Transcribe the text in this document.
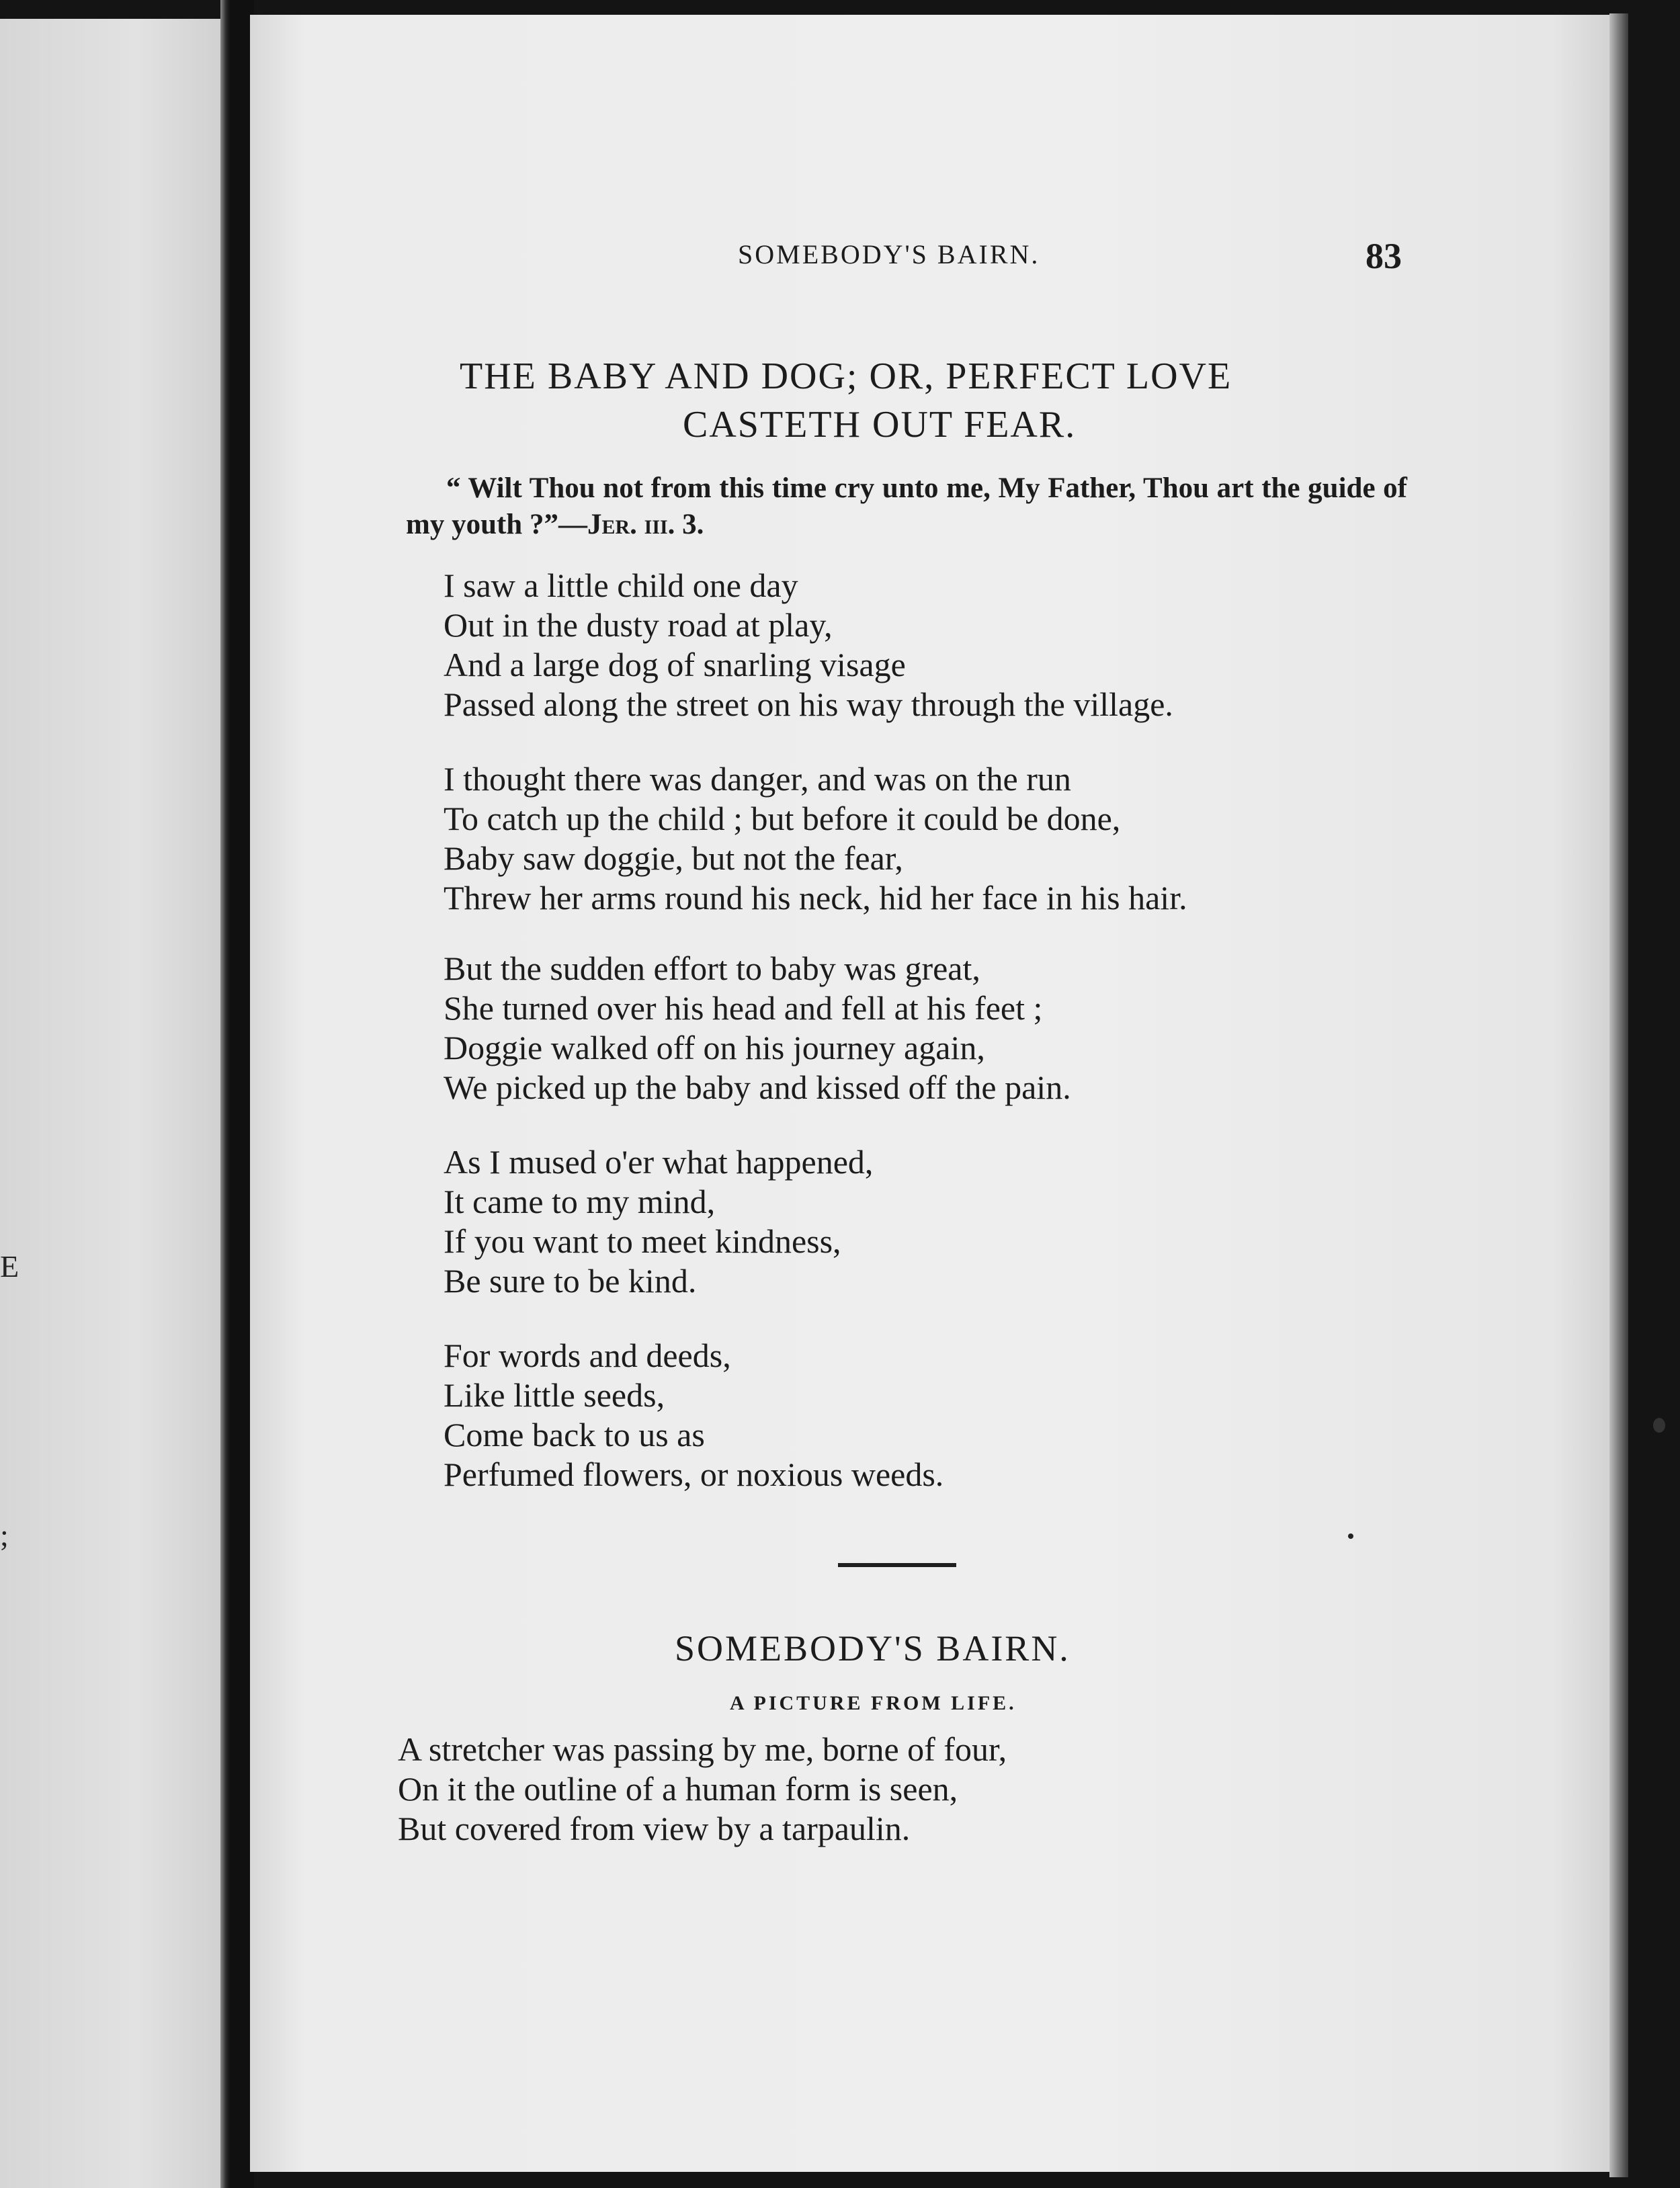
E
;
SOMEBODY'S BAIRN.	83
THE BABY AND DOG; OR, PERFECT LOVE
CASTETH OUT FEAR.
“ Wilt Thou not from this time cry unto me, My Father, Thou art the guide of my youth ?”—Jer. iii. 3.
I saw a little child one day
Out in the dusty road at play,
And a large dog of snarling visage
Passed along the street on his way through the village.
I thought there was danger, and was on the run
To catch up the child ; but before it could be done,
Baby saw doggie, but not the fear,
Threw her arms round his neck, hid her face in his hair.
But the sudden effort to baby was great,
She turned over his head and fell at his feet ;
Doggie walked off on his journey again,
We picked up the baby and kissed off the pain.
As I mused o'er what happened,
It came to my mind,
If you want to meet kindness,
Be sure to be kind.
For words and deeds,
Like little seeds,
Come back to us as
Perfumed flowers, or noxious weeds.
SOMEBODY'S BAIRN.
A PICTURE FROM LIFE.
A stretcher was passing by me, borne of four,
On it the outline of a human form is seen,
But covered from view by a tarpaulin.
